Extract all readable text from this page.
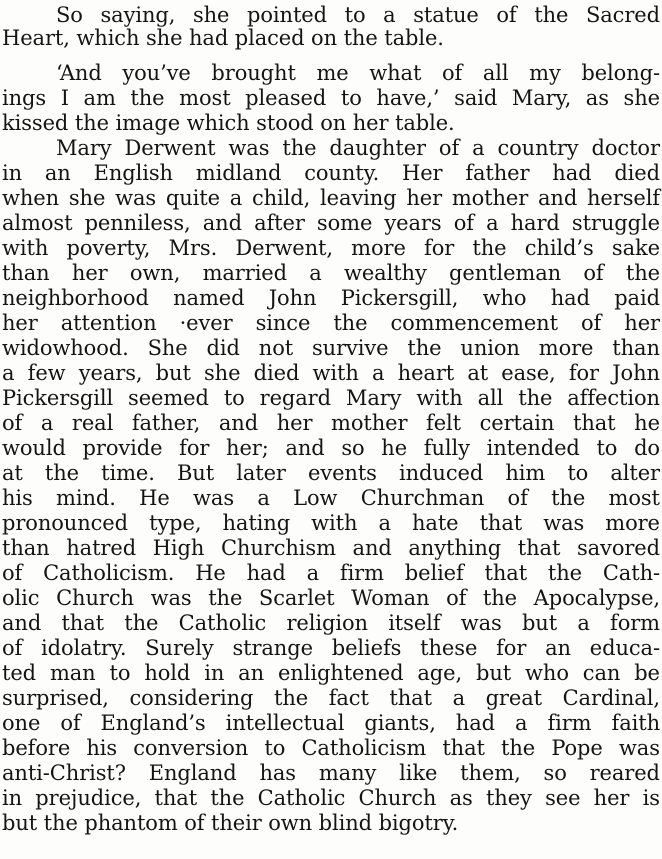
So saying, she pointed to a statue of the Sacred
Heart, which she had placed on the table.
‘And you’ve brought me what of all my belong-
ings I am the most pleased to have,’ said Mary, as she
kissed the image which stood on her table.
Mary Derwent was the daughter of a country doctor
in an English midland county. Her father had died
when she was quite a child, leaving her mother and herself
almost penniless, and after some years of a hard struggle
with poverty, Mrs. Derwent, more for the child’s sake
than her own, married a wealthy gentleman of the
neighborhood named John Pickersgill, who had paid
her attention ·ever since the commencement of her
widowhood. She did not survive the union more than
a few years, but she died with a heart at ease, for John
Pickersgill seemed to regard Mary with all the affection
of a real father, and her mother felt certain that he
would provide for her; and so he fully intended to do
at the time. But later events induced him to alter
his mind. He was a Low Churchman of the most
pronounced type, hating with a hate that was more
than hatred High Churchism and anything that savored
of Catholicism. He had a firm belief that the Cath-
olic Church was the Scarlet Woman of the Apocalypse,
and that the Catholic religion itself was but a form
of idolatry. Surely strange beliefs these for an educa-
ted man to hold in an enlightened age, but who can be
surprised, considering the fact that a great Cardinal,
one of England’s intellectual giants, had a firm faith
before his conversion to Catholicism that the Pope was
anti-Christ? England has many like them, so reared
in prejudice, that the Catholic Church as they see her is
but the phantom of their own blind bigotry.
